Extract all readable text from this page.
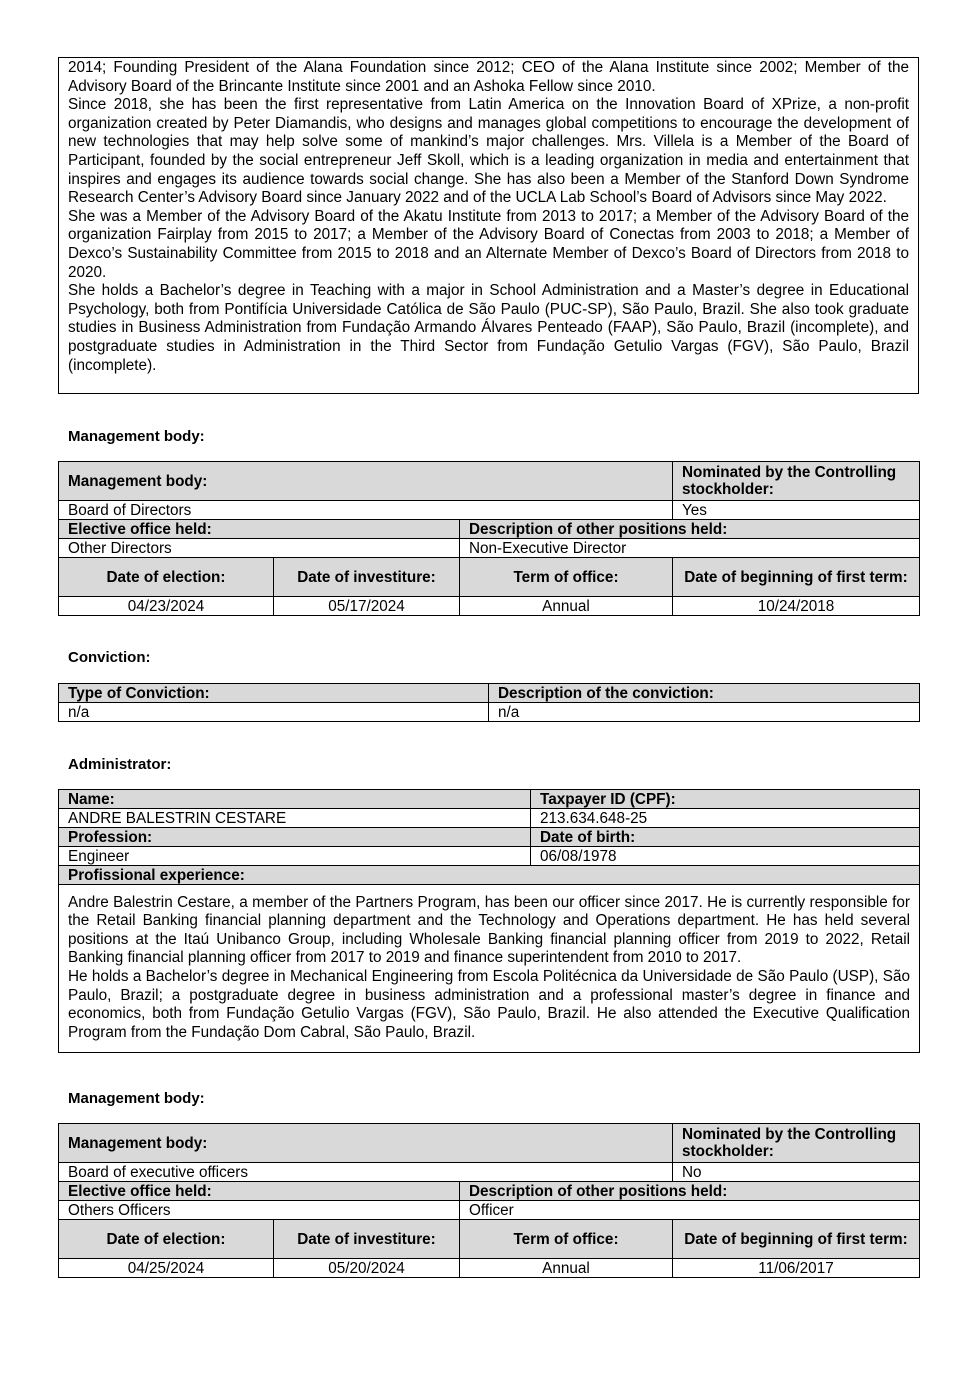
2014; Founding President of the Alana Foundation since 2012; CEO of the Alana Institute since 2002; Member of the Advisory Board of the Brincante Institute since 2001 and an Ashoka Fellow since 2010.

Since 2018, she has been the first representative from Latin America on the Innovation Board of XPrize, a non-profit organization created by Peter Diamandis, who designs and manages global competitions to encourage the development of new technologies that may help solve some of mankind’s major challenges. Mrs. Villela is a Member of the Board of Participant, founded by the social entrepreneur Jeff Skoll, which is a leading organization in media and entertainment that inspires and engages its audience towards social change. She has also been a Member of the Stanford Down Syndrome Research Center’s Advisory Board since January 2022 and of the UCLA Lab School’s Board of Advisors since May 2022.

She was a Member of the Advisory Board of the Akatu Institute from 2013 to 2017; a Member of the Advisory Board of the organization Fairplay from 2015 to 2017; a Member of the Advisory Board of Conectas from 2003 to 2018; a Member of Dexco’s Sustainability Committee from 2015 to 2018 and an Alternate Member of Dexco’s Board of Directors from 2018 to 2020.

She holds a Bachelor’s degree in Teaching with a major in School Administration and a Master’s degree in Educational Psychology, both from Pontifícia Universidade Católica de São Paulo (PUC-SP), São Paulo, Brazil. She also took graduate studies in Business Administration from Fundação Armando Álvares Penteado (FAAP), São Paulo, Brazil (incomplete), and postgraduate studies in Administration in the Third Sector from Fundação Getulio Vargas (FGV), São Paulo, Brazil (incomplete).

Management body:
Management body:			Nominated by the Controlling stockholder:
Board of Directors			Yes
Elective office held:		Description of other positions held:	
Other Directors		Non-Executive Director	
Date of election:	Date of investiture:	Term of office:	Date of beginning of first term:
04/23/2024	05/17/2024	Annual	10/24/2018
Conviction:
Type of Conviction:	Description of the conviction:
n/a	n/a
Administrator:
Name:	Taxpayer ID (CPF):
ANDRE BALESTRIN CESTARE	213.634.648-25
Profession:	Date of birth:
Engineer	06/08/1978
Profissional experience:	

Andre Balestrin Cestare, a member of the Partners Program, has been our officer since 2017. He is currently responsible for the Retail Banking financial planning department and the Technology and Operations department. He has held several positions at the Itaú Unibanco Group, including Wholesale Banking financial planning officer from 2019 to 2022, Retail Banking financial planning officer from 2017 to 2019 and finance superintendent from 2010 to 2017.

He holds a Bachelor’s degree in Mechanical Engineering from Escola Politécnica da Universidade de São Paulo (USP), São Paulo, Brazil; a postgraduate degree in business administration and a professional master’s degree in finance and economics, both from Fundação Getulio Vargas (FGV), São Paulo, Brazil. He also attended the Executive Qualification Program from the Fundação Dom Cabral, São Paulo, Brazil.	

Management body:
Management body:			Nominated by the Controlling stockholder:
Board of executive officers			No
Elective office held:		Description of other positions held:	
Others Officers		Officer	
Date of election:	Date of investiture:	Term of office:	Date of beginning of first term:
04/25/2024	05/20/2024	Annual	11/06/2017
